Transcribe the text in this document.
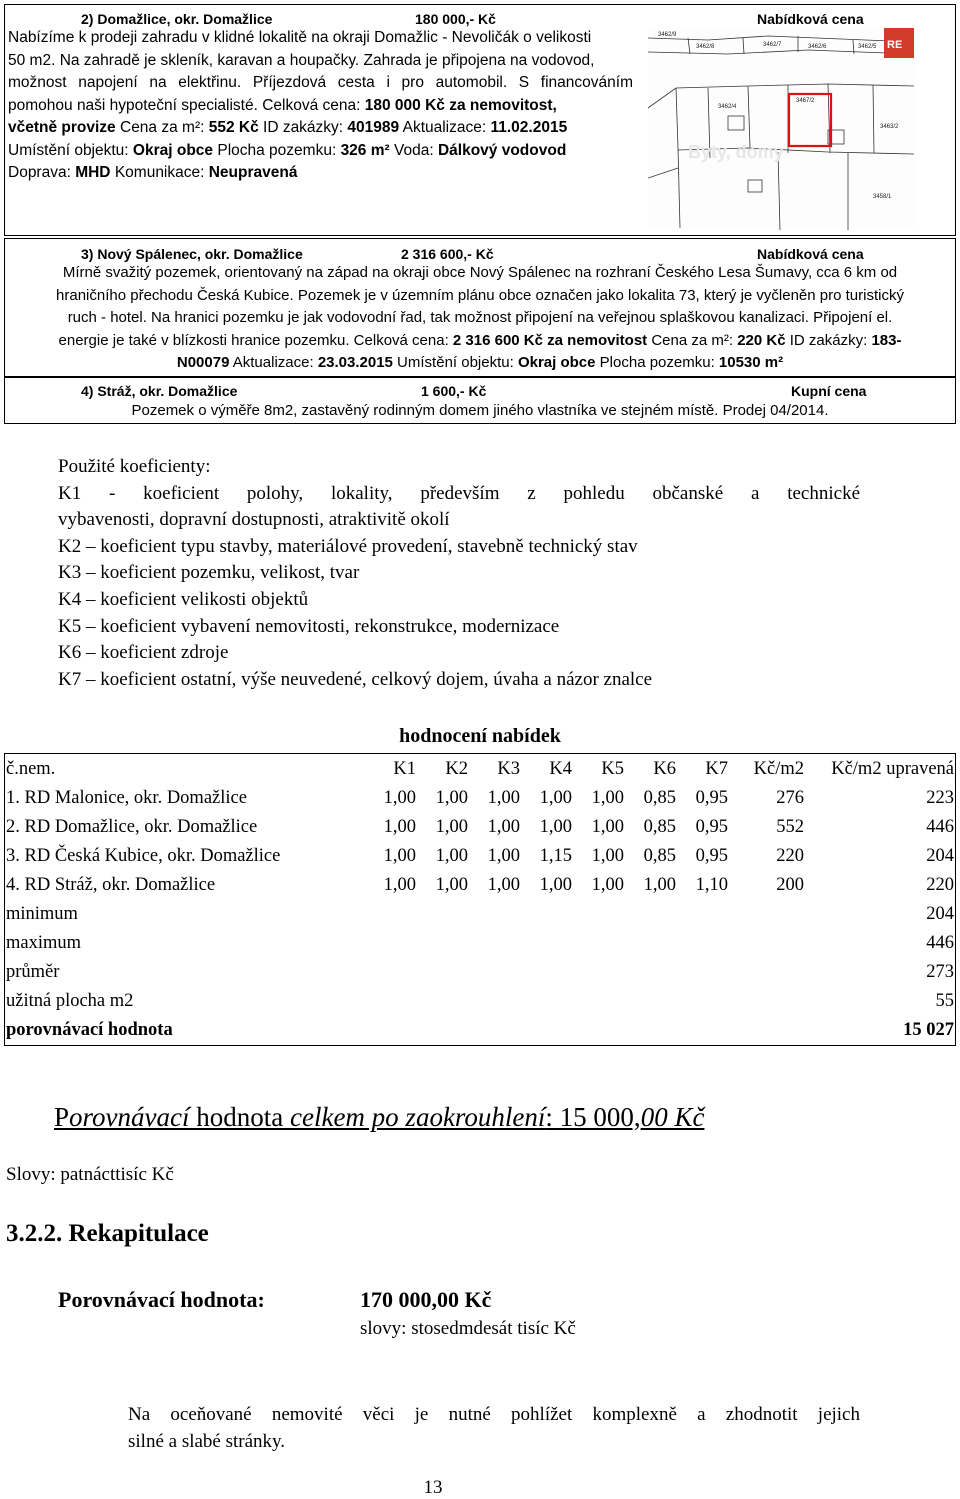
2) Domažlice, okr. Domažlice	180 000,- Kč	Nabídková cena
Nabízíme k prodeji zahradu v klidné lokalitě na okraji Domažlic - Nevoličák o velikosti
50 m2. Na zahradě je skleník, karavan a houpačky. Zahrada je připojena na vodovod,
možnost napojení na elektřinu. Příjezdová cesta i pro automobil. S financováním
pomohou naši hypoteční specialisté. Celková cena: 180 000 Kč za nemovitost,
včetně provize Cena za m²: 552 Kč ID zakázky: 401989 Aktualizace: 11.02.2015
Umístění objektu: Okraj obce Plocha pozemku: 326 m² Voda: Dálkový vodovod
Doprava: MHD Komunikace: Neupravená
RE
3462/9
3462/8	3462/7	3462/6	3462/5
3462/4
3467/2
3463/2
3458/1
Byty, domy
3) Nový Spálenec, okr. Domažlice	2 316 600,- Kč	Nabídková cena
Mírně svažitý pozemek, orientovaný na západ na okraji obce Nový Spálenec na rozhraní Českého Lesa Šumavy, cca 6 km od
hraničního přechodu Česká Kubice. Pozemek je v územním plánu obce označen jako lokalita 73, který je vyčleněn pro turistický
ruch - hotel. Na hranici pozemku je jak vodovodní řad, tak možnost připojení na veřejnou splaškovou kanalizaci. Připojení el.
energie je také v blízkosti hranice pozemku. Celková cena: 2 316 600 Kč za nemovitost Cena za m²: 220 Kč ID zakázky: 183-
N00079 Aktualizace: 23.03.2015 Umístění objektu: Okraj obce Plocha pozemku: 10530 m²
4) Stráž, okr. Domažlice	1 600,- Kč	Kupní cena
Pozemek o výměře 8m2, zastavěný rodinným domem jiného vlastníka ve stejném místě. Prodej 04/2014.
Použité koeficienty:
K1 - koeficient polohy, lokality, především z pohledu občanské a technické
vybavenosti, dopravní dostupnosti, atraktivitě okolí
K2 – koeficient typu stavby, materiálové provedení, stavebně technický stav
K3 – koeficient pozemku, velikost, tvar
K4 – koeficient velikosti objektů
K5 – koeficient vybavení nemovitosti, rekonstrukce, modernizace
K6 – koeficient zdroje
K7 – koeficient ostatní, výše neuvedené, celkový dojem, úvaha a názor znalce
hodnocení nabídek
č.nem.	K1	K2	K3	K4	K5	K6	K7	Kč/m2	Kč/m2 upravená
1. RD Malonice, okr. Domažlice	1,00	1,00	1,00	1,00	1,00	0,85	0,95	276	223
2. RD Domažlice, okr. Domažlice	1,00	1,00	1,00	1,00	1,00	0,85	0,95	552	446
3. RD Česká Kubice, okr. Domažlice	1,00	1,00	1,00	1,15	1,00	0,85	0,95	220	204
4. RD Stráž, okr. Domažlice	1,00	1,00	1,00	1,00	1,00	1,00	1,10	200	220
minimum									204
maximum									446
průměr									273
užitná plocha m2									55
porovnávací hodnota									15 027
Porovnávací hodnota celkem po zaokrouhlení: 15 000,00 Kč
Slovy: patnácttisíc Kč
3.2.2. Rekapitulace
Porovnávací hodnota:	170 000,00 Kč
slovy: stosedmdesát tisíc Kč
Na oceňované nemovité věci je nutné pohlížet komplexně a zhodnotit jejich
silné a slabé stránky.
13
